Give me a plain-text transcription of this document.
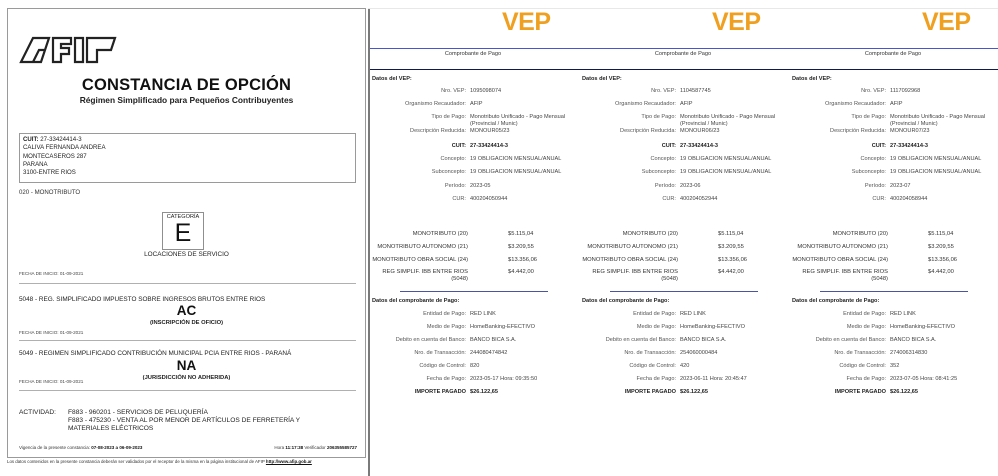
CONSTANCIA DE OPCIÓN
Régimen Simplificado para Pequeños Contribuyentes
CUIT: 27-33424414-3
CALIVA FERNANDA ANDREA
MONTECASEROS 287
PARANA
3100-ENTRE RIOS
020 - MONOTRIBUTO
CATEGORÍA
E
LOCACIONES DE SERVICIO
FECHA DE INICIO: 01-09-2021
5048 - REG. SIMPLIFICADO IMPUESTO SOBRE INGRESOS BRUTOS ENTRE RIOS
AC
(INSCRIPCIÓN DE OFICIO)
FECHA DE INICIO: 01-09-2021
5049 - REGIMEN SIMPLIFICADO CONTRIBUCIÓN MUNICIPAL PCIA ENTRE RIOS - PARANÁ
NA
(JURISDICCIÓN NO ADHERIDA)
FECHA DE INICIO: 01-09-2021
ACTIVIDAD: F883 - 960201 - SERVICIOS DE PELUQUERÍA
F883 - 475230 - VENTA AL POR MENOR DE ARTÍCULOS DE FERRETERÍA Y MATERIALES ELÉCTRICOS
Vigencia de la presente constancia: 07-08-2023 a 06-09-2023	Hora 11:17:38 Verificador 206355585727
Los datos contenidos en la presente constancia deberán ser validados por el receptor de la misma en la página institucional de AFIP http://www.afip.gob.ar
VEP
Comprobante de Pago
Datos del VEP:
Nro. VEP: 1095098074
Organismo Recaudador: AFIP
Tipo de Pago: Monotributo Unificado - Pago Mensual (Provincial / Munic)
Descripción Reducida: MONOUR05/23
CUIT: 27-33424414-3
Concepto: 19 OBLIGACION MENSUAL/ANUAL
Subconcepto: 19 OBLIGACION MENSUAL/ANUAL
Período: 2023-05
CUR: 400204050944
MONOTRIBUTO (20)	$5.115,04
MONOTRIBUTO AUTONOMO (21)	$3.209,55
MONOTRIBUTO OBRA SOCIAL (24)	$13.356,06
REG SIMPLIF. IBB ENTRE RIOS (5048)
$4.442,00
Datos del comprobante de Pago:
Entidad de Pago: RED LINK
Medio de Pago: HomeBanking-EFECTIVO
Debito en cuenta del Banco: BANCO BICA S.A.
Nro. de Transacción: 244080474842
Código de Control: 820
Fecha de Pago: 2023-05-17 Hora: 09:35:50
IMPORTE PAGADO $26.122,65
VEP
Comprobante de Pago
Datos del VEP:
Nro. VEP: 1104587745
Organismo Recaudador: AFIP
Tipo de Pago: Monotributo Unificado - Pago Mensual (Provincial / Munic)
Descripción Reducida: MONOUR06/23
CUIT: 27-33424414-3
Concepto: 19 OBLIGACION MENSUAL/ANUAL
Subconcepto: 19 OBLIGACION MENSUAL/ANUAL
Período: 2023-06
CUR: 400204052944
MONOTRIBUTO (20)	$5.115,04
MONOTRIBUTO AUTONOMO (21)	$3.209,55
MONOTRIBUTO OBRA SOCIAL (24)	$13.356,06
REG SIMPLIF. IBB ENTRE RIOS (5048)
$4.442,00
Datos del comprobante de Pago:
Entidad de Pago: RED LINK
Medio de Pago: HomeBanking-EFECTIVO
Debito en cuenta del Banco: BANCO BICA S.A.
Nro. de Transacción: 254060000484
Código de Control: 420
Fecha de Pago: 2023-06-11 Hora: 20:45:47
IMPORTE PAGADO $26.122,65
VEP
Comprobante de Pago
Datos del VEP:
Nro. VEP: 1117092968
Organismo Recaudador: AFIP
Tipo de Pago: Monotributo Unificado - Pago Mensual (Provincial / Munic)
Descripción Reducida: MONOUR07/23
CUIT: 27-33424414-3
Concepto: 19 OBLIGACION MENSUAL/ANUAL
Subconcepto: 19 OBLIGACION MENSUAL/ANUAL
Período: 2023-07
CUR: 400204058944
MONOTRIBUTO (20)	$5.115,04
MONOTRIBUTO AUTONOMO (21)	$3.209,55
MONOTRIBUTO OBRA SOCIAL (24)	$13.356,06
REG SIMPLIF. IBB ENTRE RIOS (5048)
$4.442,00
Datos del comprobante de Pago:
Entidad de Pago: RED LINK
Medio de Pago: HomeBanking-EFECTIVO
Debito en cuenta del Banco: BANCO BICA S.A.
Nro. de Transacción: 274006314830
Código de Control: 352
Fecha de Pago: 2023-07-05 Hora: 08:41:25
IMPORTE PAGADO $26.122,65
